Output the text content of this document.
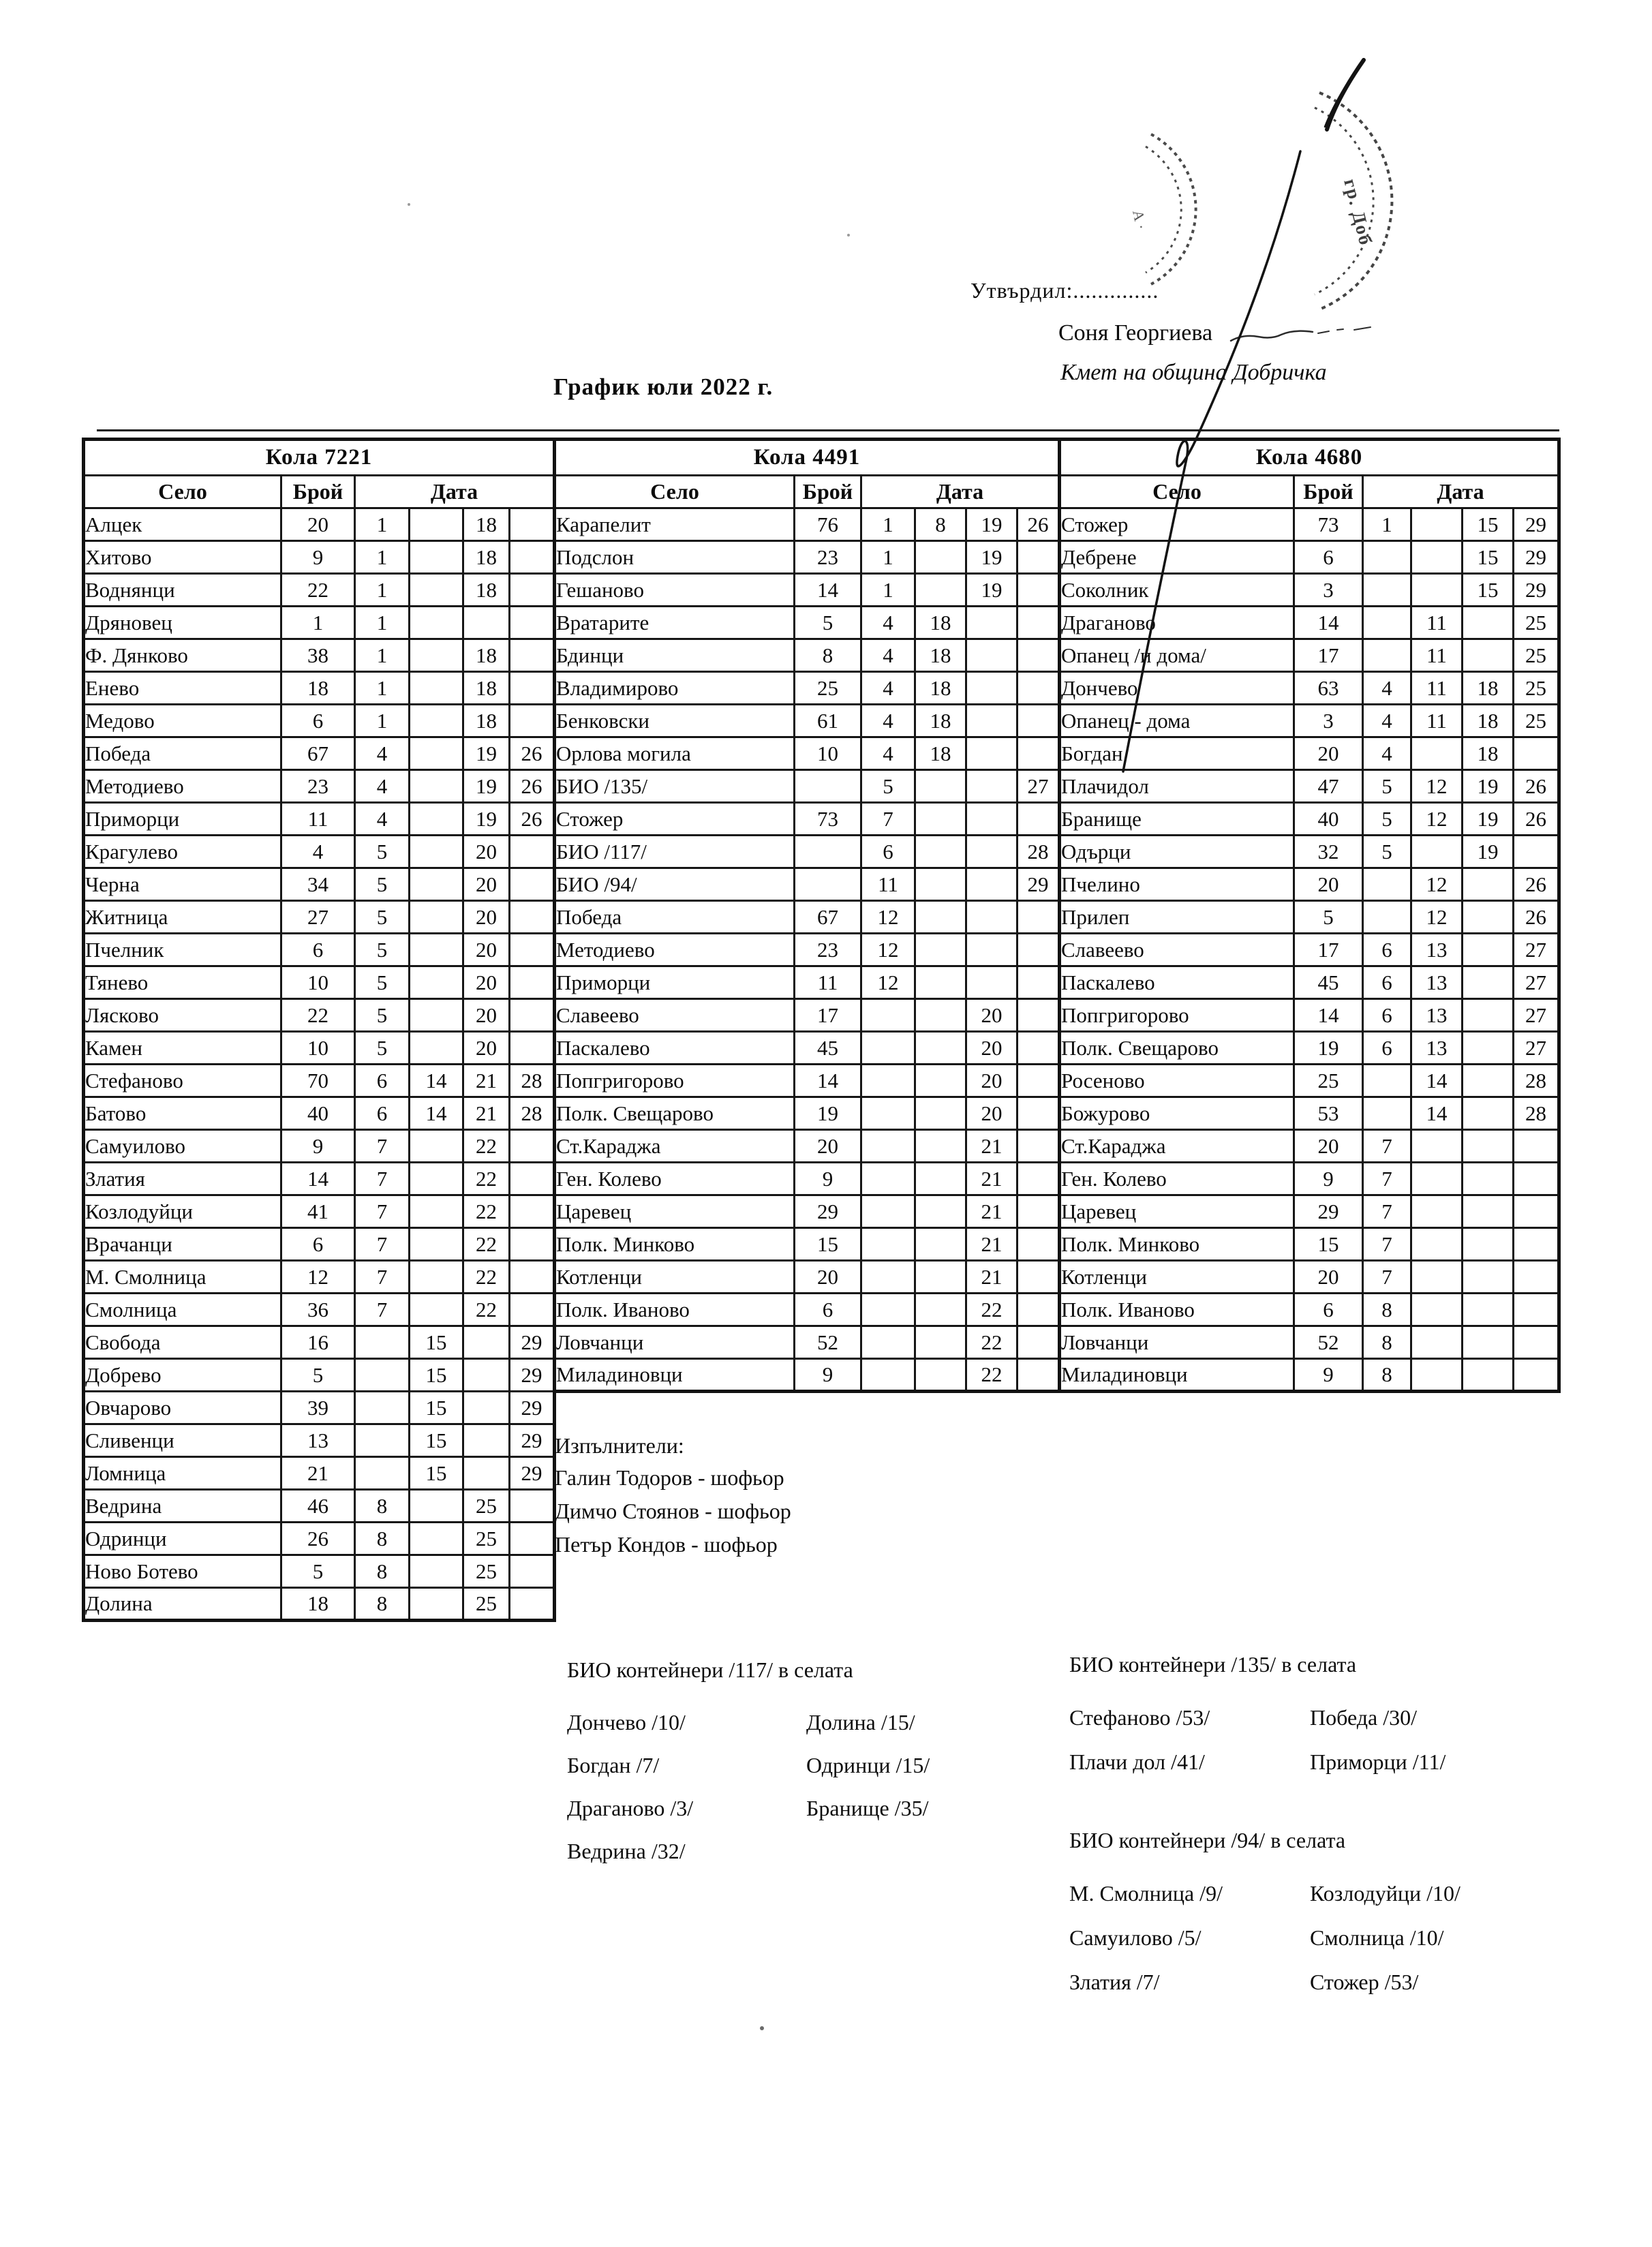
Утвърдил:..............
Соня Георгиева
Кмет на община Добричка
График юли 2022 г.
Кола 7221					
Село	Брой	Дата			
Алцек	20	1		18	
Хитово	9	1		18	
Воднянци	22	1		18	
Дряновец	1	1			
Ф. Дянково	38	1		18	
Енево	18	1		18	
Медово	6	1		18	
Победа	67	4		19	26
Методиево	23	4		19	26
Приморци	11	4		19	26
Крагулево	4	5		20	
Черна	34	5		20	
Житница	27	5		20	
Пчелник	6	5		20	
Тянево	10	5		20	
Лясково	22	5		20	
Камен	10	5		20	
Стефаново	70	6	14	21	28
Батово	40	6	14	21	28
Самуилово	9	7		22	
Златия	14	7		22	
Козлодуйци	41	7		22	
Врачанци	6	7		22	
М. Смолница	12	7		22	
Смолница	36	7		22	
Свобода	16		15		29
Добрево	5		15		29
Овчарово	39		15		29
Сливенци	13		15		29
Ломница	21		15		29
Ведрина	46	8		25	
Одринци	26	8		25	
Ново Ботево	5	8		25	
Долина	18	8		25	
Кола 4491					
Село	Брой	Дата			
Карапелит	76	1	8	19	26
Подслон	23	1		19	
Гешаново	14	1		19	
Вратарите	5	4	18		
Бдинци	8	4	18		
Владимирово	25	4	18		
Бенковски	61	4	18		
Орлова могила	10	4	18		
БИО /135/		5			27
Стожер	73	7			
БИО /117/		6			28
БИО /94/		11			29
Победа	67	12			
Методиево	23	12			
Приморци	11	12			
Славеево	17			20	
Паскалево	45			20	
Попгригорово	14			20	
Полк. Свещарово	19			20	
Ст.Караджа	20			21	
Ген. Колево	9			21	
Царевец	29			21	
Полк. Минково	15			21	
Котленци	20			21	
Полк. Иваново	6			22	
Ловчанци	52			22	
Миладиновци	9			22	
Кола 4680					
Село	Брой	Дата			
Стожер	73	1		15	29
Дебрене	6			15	29
Соколник	3			15	29
Драганово	14		11		25
Опанец /и дома/	17		11		25
Дончево	63	4	11	18	25
Опанец - дома	3	4	11	18	25
Богдан	20	4		18	
Плачидол	47	5	12	19	26
Бранище	40	5	12	19	26
Одърци	32	5		19	
Пчелино	20		12		26
Прилеп	5		12		26
Славеево	17	6	13		27
Паскалево	45	6	13		27
Попгригорово	14	6	13		27
Полк. Свещарово	19	6	13		27
Росеново	25		14		28
Божурово	53		14		28
Ст.Караджа	20	7			
Ген. Колево	9	7			
Царевец	29	7			
Полк. Минково	15	7			
Котленци	20	7			
Полк. Иваново	6	8			
Ловчанци	52	8			
Миладиновци	9	8			
Изпълнители:
Галин Тодоров - шофьор
Димчо Стоянов - шофьор
Петър Кондов - шофьор
БИО контейнери /117/ в селата
Дончево /10/
Богдан /7/
Драганово /3/
Ведрина /32/
Долина /15/
Одринци /15/
Бранище /35/
БИО контейнери /135/ в селата
Стефаново /53/
Плачи дол /41/
Победа /30/
Приморци /11/
БИО контейнери /94/ в селата
М. Смолница /9/
Самуилово /5/
Златия /7/
Козлодуйци /10/
Смолница /10/
Стожер /53/
А ·	гр. Доб
